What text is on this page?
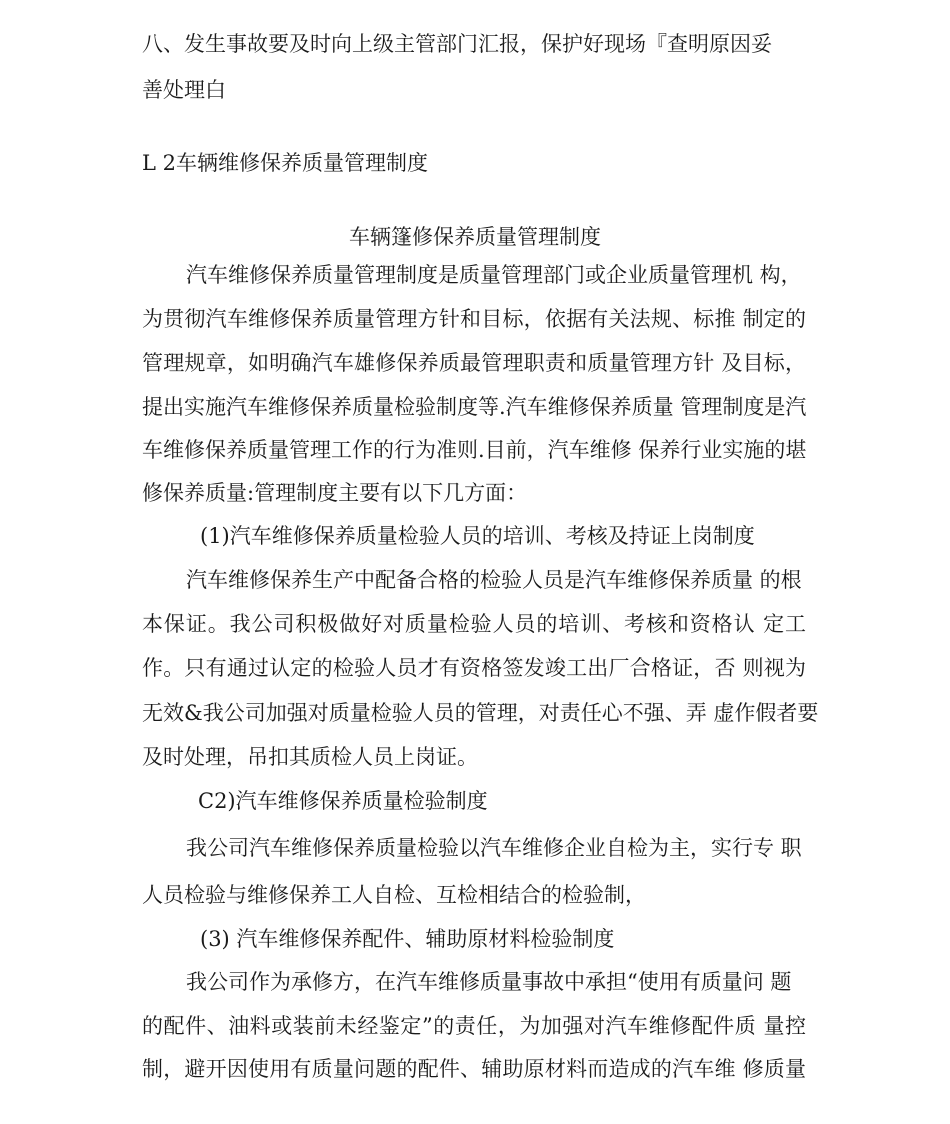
八、发生事故要及时向上级主管部门汇报，保护好现场『查明原因妥
善处理白
L 2车辆维修保养质量管理制度
车辆篷修保养质量管理制度
汽车维修保养质量管理制度是质量管理部门或企业质量管理机 构，
为贯彻汽车维修保养质量管理方针和目标，依据有关法规、标推 制定的
管理规章，如明确汽车雄修保养质最管理职责和质量管理方针 及目标，
提出实施汽车维修保养质量检验制度等.汽车维修保养质量 管理制度是汽
车维修保养质量管理工作的行为准则.目前，汽车维修 保养行业实施的堪
修保养质量:管理制度主要有以下几方面：
(1)汽车维修保养质量检验人员的培训、考核及持证上岗制度
汽车维修保养生产中配备合格的检验人员是汽车维修保养质量 的根
本保证。我公司积极做好对质量检验人员的培训、考核和资格认 定工
作。只有通过认定的检验人员才有资格签发竣工出厂合格证，否 则视为
无效&我公司加强对质量检验人员的管理，对责任心不强、弄 虚作假者要
及时处理，吊扣其质检人员上岗证。
C2)汽车维修保养质量检验制度
我公司汽车维修保养质量检验以汽车维修企业自检为主，实行专 职
人员检验与维修保养工人自检、互检相结合的检验制，
(3) 汽车维修保养配件、辅助原材料检验制度
我公司作为承修方，在汽车维修质量事故中承担“使用有质量问 题
的配件、油料或装前未经鉴定”的责任，为加强对汽车维修配件质 量控
制，避开因使用有质量问题的配件、辅助原材料而造成的汽车维 修质量
